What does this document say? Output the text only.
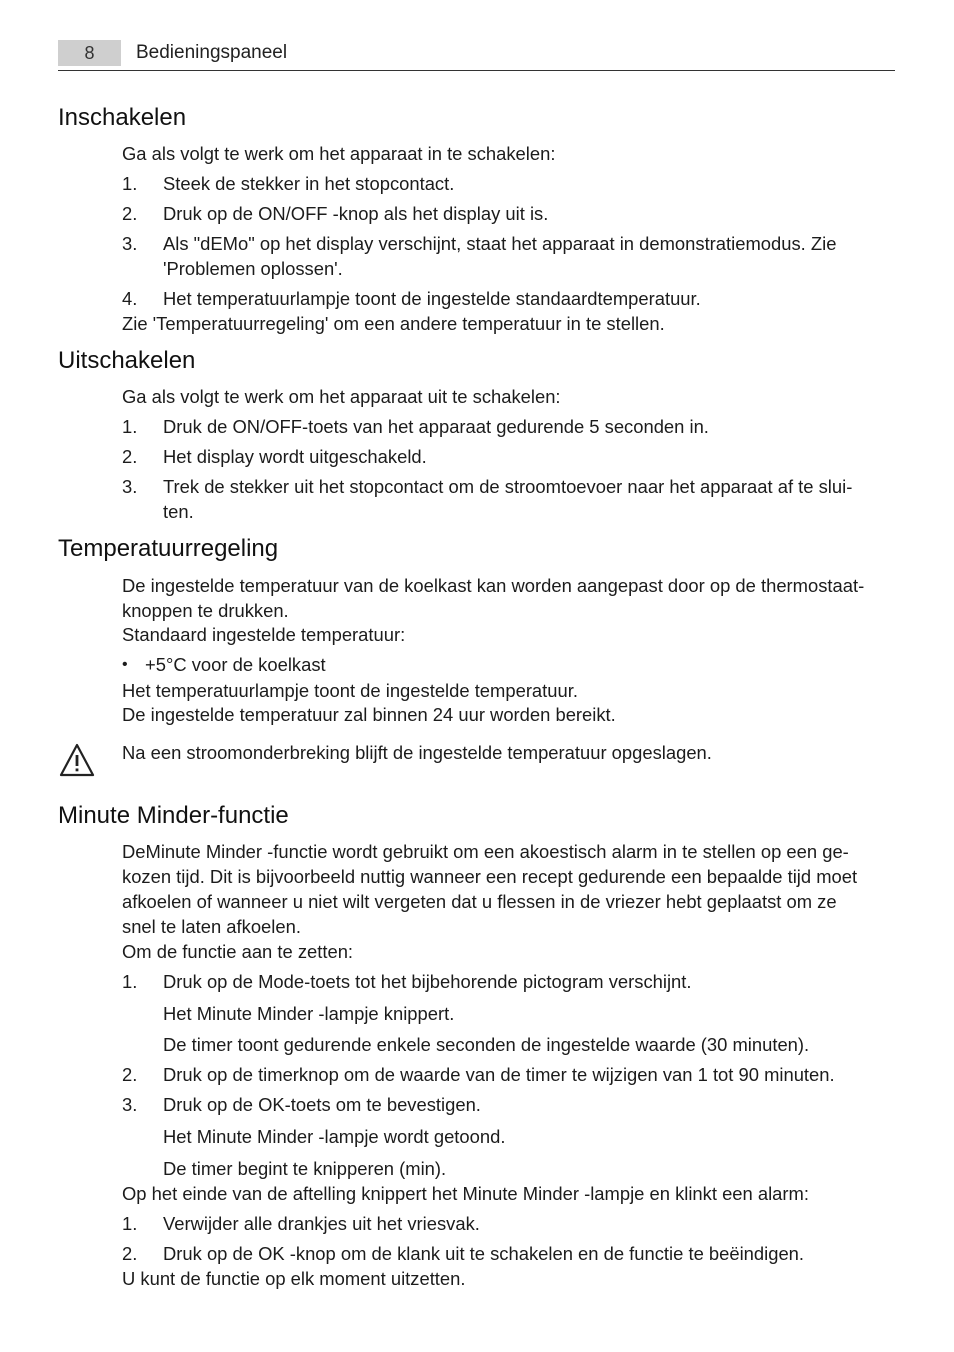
8	Bedieningspaneel
Inschakelen
Ga als volgt te werk om het apparaat in te schakelen:
1. Steek de stekker in het stopcontact.
2. Druk op de ON/OFF -knop als het display uit is.
3. Als "dEMo" op het display verschijnt, staat het apparaat in demonstratiemodus. Zie
'Problemen oplossen'.
4. Het temperatuurlampje toont de ingestelde standaardtemperatuur.
Zie 'Temperatuurregeling' om een andere temperatuur in te stellen.
Uitschakelen
Ga als volgt te werk om het apparaat uit te schakelen:
1. Druk de ON/OFF-toets van het apparaat gedurende 5 seconden in.
2. Het display wordt uitgeschakeld.
3. Trek de stekker uit het stopcontact om de stroomtoevoer naar het apparaat af te slui-
ten.
Temperatuurregeling
De ingestelde temperatuur van de koelkast kan worden aangepast door op de thermostaat-
knoppen te drukken.
Standaard ingestelde temperatuur:
• +5°C voor de koelkast
Het temperatuurlampje toont de ingestelde temperatuur.
De ingestelde temperatuur zal binnen 24 uur worden bereikt.
Na een stroomonderbreking blijft de ingestelde temperatuur opgeslagen.
Minute Minder-functie
DeMinute Minder -functie wordt gebruikt om een akoestisch alarm in te stellen op een ge-
kozen tijd. Dit is bijvoorbeeld nuttig wanneer een recept gedurende een bepaalde tijd moet
afkoelen of wanneer u niet wilt vergeten dat u flessen in de vriezer hebt geplaatst om ze
snel te laten afkoelen.
Om de functie aan te zetten:
1. Druk op de Mode-toets tot het bijbehorende pictogram verschijnt.
Het Minute Minder -lampje knippert.
De timer toont gedurende enkele seconden de ingestelde waarde (30 minuten).
2. Druk op de timerknop om de waarde van de timer te wijzigen van 1 tot 90 minuten.
3. Druk op de OK-toets om te bevestigen.
Het Minute Minder -lampje wordt getoond.
De timer begint te knipperen (min).
Op het einde van de aftelling knippert het Minute Minder -lampje en klinkt een alarm:
1. Verwijder alle drankjes uit het vriesvak.
2. Druk op de OK -knop om de klank uit te schakelen en de functie te beëindigen.
U kunt de functie op elk moment uitzetten.
